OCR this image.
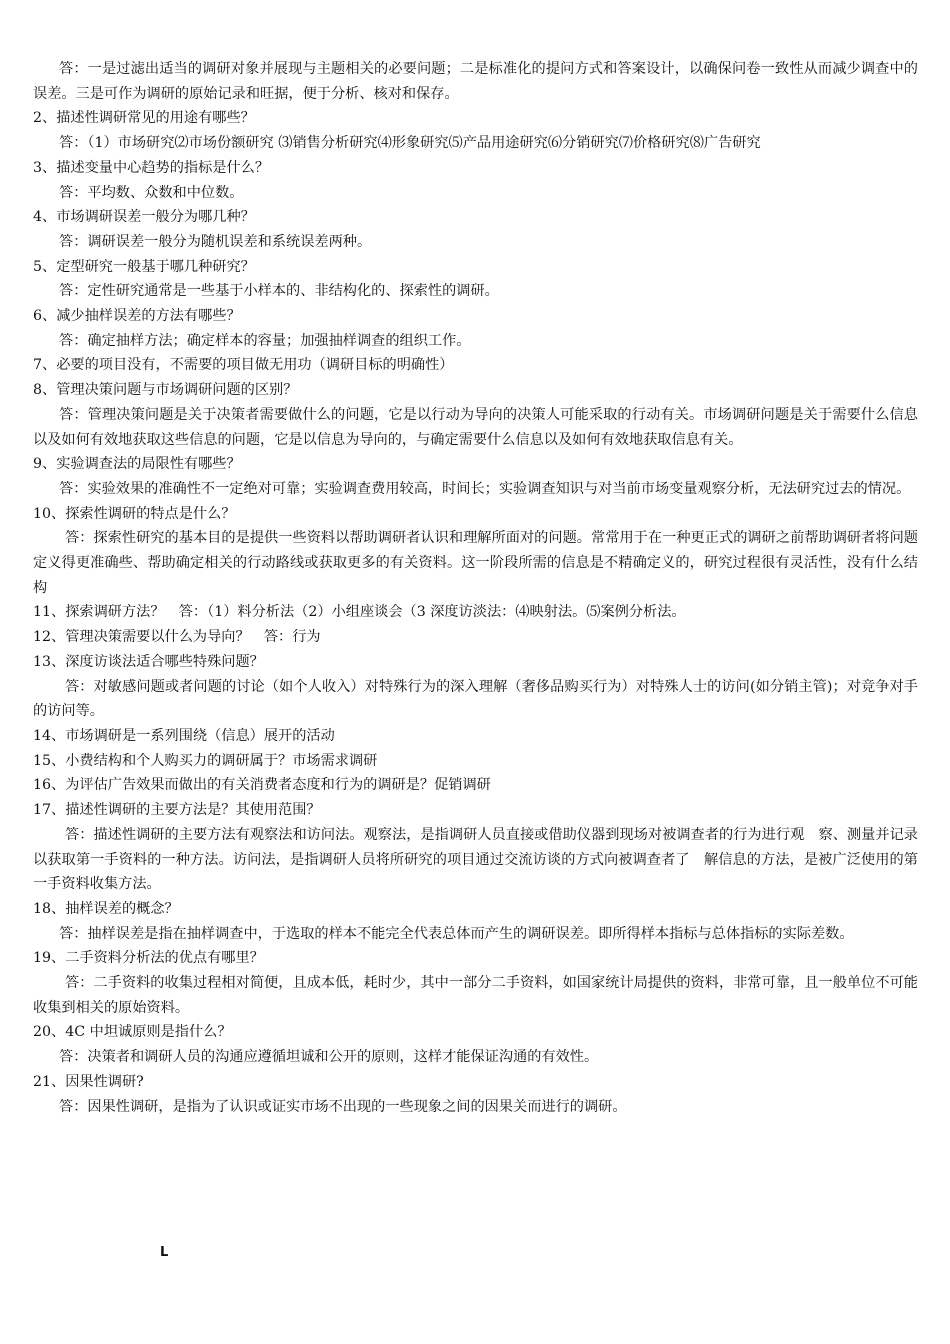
答：一是过滤出适当的调研对象并展现与主题相关的必要问题；二是标准化的提问方式和答案设计，以确保问卷一致性从而减少调查中的误差。三是可作为调研的原始记录和旺据，便于分析、核对和保存。

2、描述性调研常见的用途有哪些？

答：（1）市场研究⑵市场份额研究 ⑶销售分析研究⑷形象研究⑸产品用途研究⑹分销研究⑺价格研究⑻广告研究

3、描述变量中心趋势的指标是什么？

答：平均数、众数和中位数。

4、市场调研误差一般分为哪几种？

答：调研误差一般分为随机误差和系统误差两种。

5、定型研究一般基于哪几种研究？

答：定性研究通常是一些基于小样本的、非结构化的、探索性的调研。

6、减少抽样误差的方法有哪些？

答：确定抽样方法；确定样本的容量；加强抽样调查的组织工作。

7、必要的项目没有，不需要的项目做无用功（调研目标的明确性）

8、管理决策问题与市场调研问题的区别？

答：管理决策问题是关于决策者需要做什么的问题，它是以行动为导向的决策人可能采取的行动有关。市场调研问题是关于需要什么信息以及如何有效地获取这些信息的问题，它是以信息为导向的，与确定需要什么信息以及如何有效地获取信息有关。

9、实验调查法的局限性有哪些？

答：实验效果的准确性不一定绝对可靠；实验调查费用较高，时间长；实验调查知识与对当前市场变量观察分析，无法研究过去的情况。

10、探索性调研的特点是什么？

答：探索性研究的基本目的是提供一些资料以帮助调研者认识和理解所面对的问题。常常用于在一种更正式的调研之前帮助调研者将问题定义得更准确些、帮助确定相关的行动路线或获取更多的有关资料。这一阶段所需的信息是不精确定义的，研究过程很有灵活性，没有什么结构

11、探索调研方法？　答：（1）料分析法（2）小组座谈会（3 深度访淡法：⑷映射法。⑸案例分析法。

12、管理决策需要以什么为导向？　答：行为

13、深度访谈法适合哪些特殊问题？

答：对敏感问题或者问题的讨论（如个人收入）对特殊行为的深入理解（奢侈品购买行为）对特殊人士的访问(如分销主管)；对竞争对手的访问等。

14、市场调研是一系列围绕（信息）展开的活动

15、小费结构和个人购买力的调研属于？市场需求调研

16、为评估广告效果而做出的有关消费者态度和行为的调研是？促销调研

17、描述性调研的主要方法是？其使用范围？

答：描述性调研的主要方法有观察法和访问法。观察法，是指调研人员直接或借助仪器到现场对被调查者的行为进行观　察、测量并记录以获取第一手资料的一种方法。访问法，是指调研人员将所研究的项目通过交流访谈的方式向被调查者了　解信息的方法，是被广泛使用的第一手资料收集方法。

18、抽样误差的概念？

答：抽样误差是指在抽样调查中，于选取的样本不能完全代表总体而产生的调研误差。即所得样本指标与总体指标的实际差数。

19、二手资料分析法的优点有哪里？

答：二手资料的收集过程相对简便，且成本低，耗时少，其中一部分二手资料，如国家统计局提供的资料，非常可靠，且一般单位不可能收集到相关的原始资料。

20、4C 中坦诚原则是指什么？

答：决策者和调研人员的沟通应遵循坦诚和公开的原则，这样才能保证沟通的有效性。

21、因果性调研?

答：因果性调研，是指为了认识或证实市场不出现的一些现象之间的因果关而进行的调研。

L
